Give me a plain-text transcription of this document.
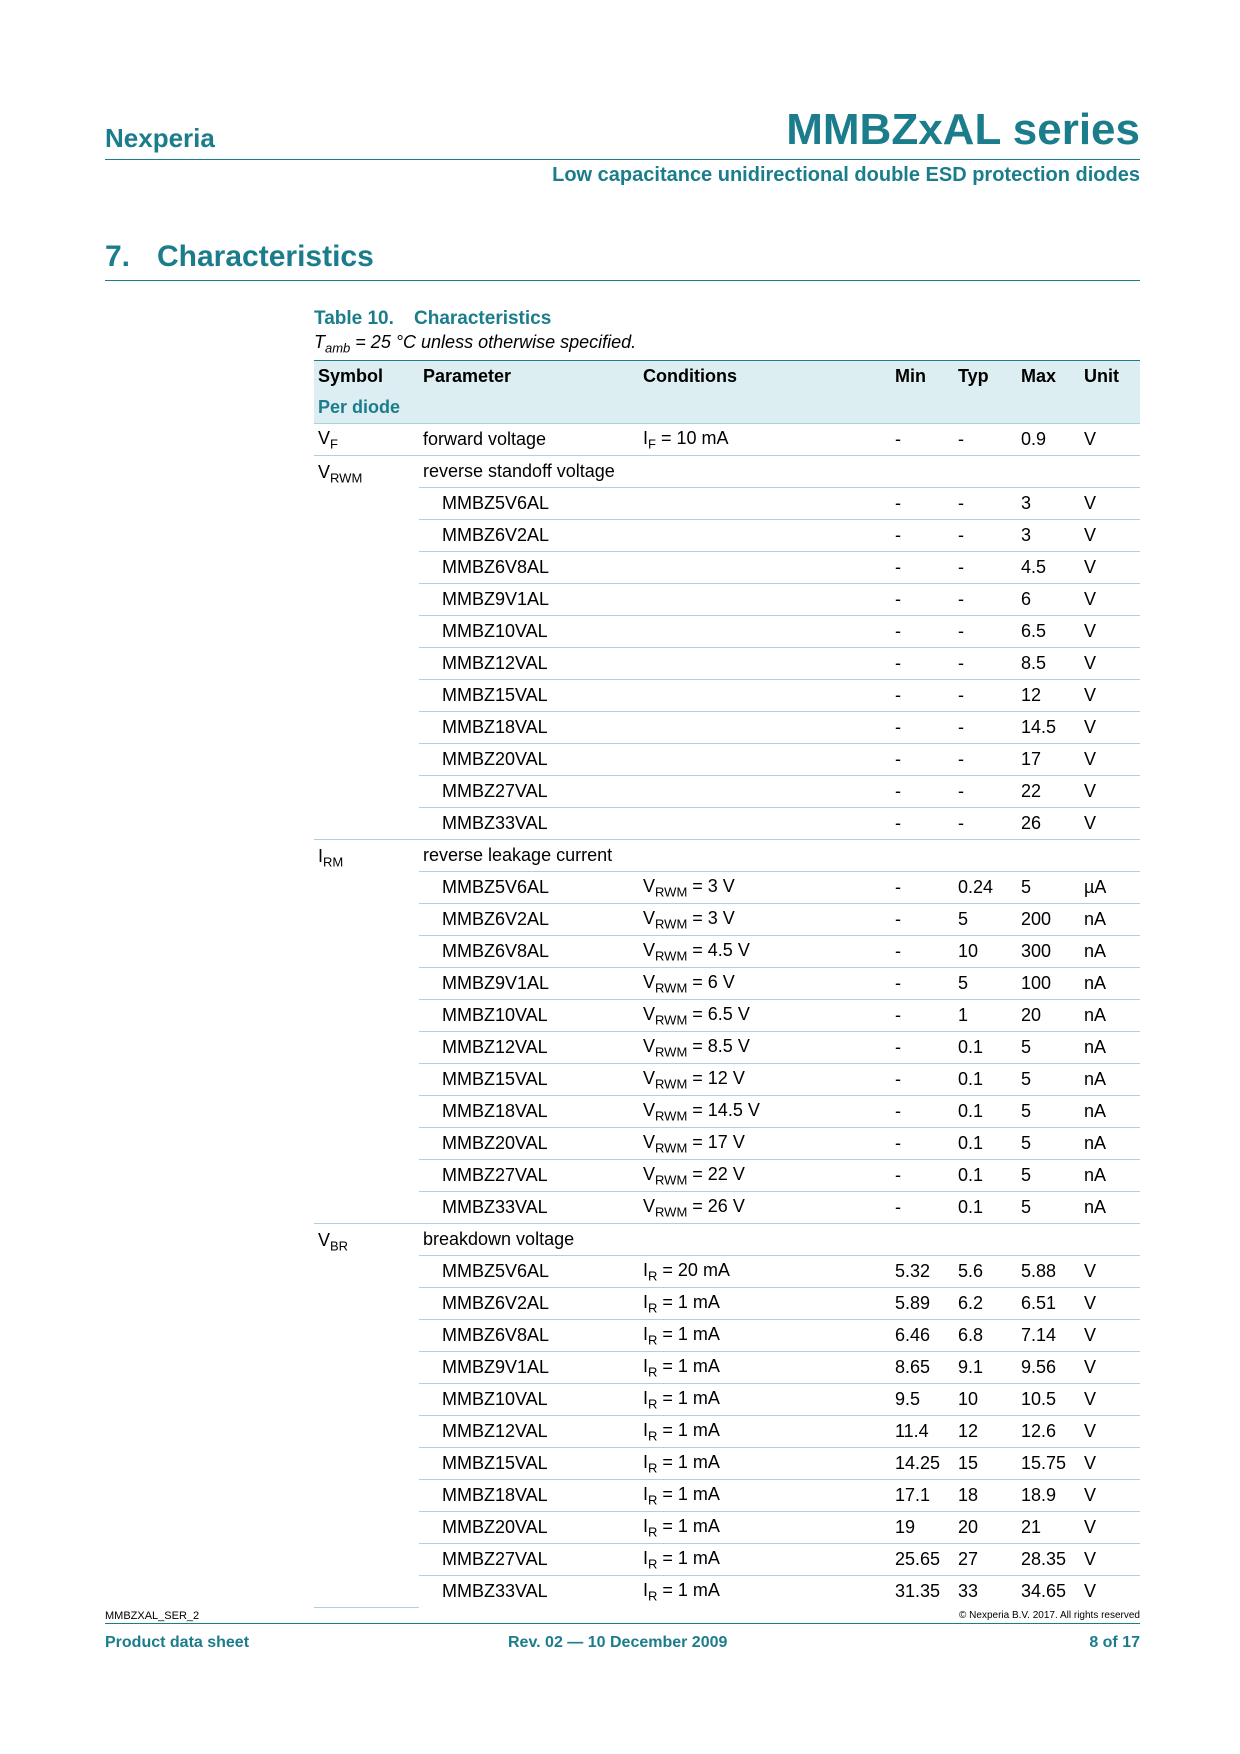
Nexperia	MMBZxAL series
Low capacitance unidirectional double ESD protection diodes
7. Characteristics
Table 10. Characteristics
$T_{amb} = 25$ °C unless otherwise specified.
Symbol	Parameter	Conditions	Min	Typ	Max	Unit
Per diode						
$V_F$	forward voltage	$I_F = 10$ mA	-	-	0.9	V
$V_{RWM}$	reverse standoff voltage					
	MMBZ5V6AL		-	-	3	V
	MMBZ6V2AL		-	-	3	V
	MMBZ6V8AL		-	-	4.5	V
	MMBZ9V1AL		-	-	6	V
	MMBZ10VAL		-	-	6.5	V
	MMBZ12VAL		-	-	8.5	V
	MMBZ15VAL		-	-	12	V
	MMBZ18VAL		-	-	14.5	V
	MMBZ20VAL		-	-	17	V
	MMBZ27VAL		-	-	22	V
	MMBZ33VAL		-	-	26	V
$I_{RM}$	reverse leakage current					
	MMBZ5V6AL	$V_{RWM} = 3$ V	-	0.24	5	µA
	MMBZ6V2AL	$V_{RWM} = 3$ V	-	5	200	nA
	MMBZ6V8AL	$V_{RWM} = 4.5$ V	-	10	300	nA
	MMBZ9V1AL	$V_{RWM} = 6$ V	-	5	100	nA
	MMBZ10VAL	$V_{RWM} = 6.5$ V	-	1	20	nA
	MMBZ12VAL	$V_{RWM} = 8.5$ V	-	0.1	5	nA
	MMBZ15VAL	$V_{RWM} = 12$ V	-	0.1	5	nA
	MMBZ18VAL	$V_{RWM} = 14.5$ V	-	0.1	5	nA
	MMBZ20VAL	$V_{RWM} = 17$ V	-	0.1	5	nA
	MMBZ27VAL	$V_{RWM} = 22$ V	-	0.1	5	nA
	MMBZ33VAL	$V_{RWM} = 26$ V	-	0.1	5	nA
$V_{BR}$	breakdown voltage					
	MMBZ5V6AL	$I_R = 20$ mA	5.32	5.6	5.88	V
	MMBZ6V2AL	$I_R = 1$ mA	5.89	6.2	6.51	V
	MMBZ6V8AL	$I_R = 1$ mA	6.46	6.8	7.14	V
	MMBZ9V1AL	$I_R = 1$ mA	8.65	9.1	9.56	V
	MMBZ10VAL	$I_R = 1$ mA	9.5	10	10.5	V
	MMBZ12VAL	$I_R = 1$ mA	11.4	12	12.6	V
	MMBZ15VAL	$I_R = 1$ mA	14.25	15	15.75	V
	MMBZ18VAL	$I_R = 1$ mA	17.1	18	18.9	V
	MMBZ20VAL	$I_R = 1$ mA	19	20	21	V
	MMBZ27VAL	$I_R = 1$ mA	25.65	27	28.35	V
	MMBZ33VAL	$I_R = 1$ mA	31.35	33	34.65	V
MMBZXAL_SER_2	© Nexperia B.V. 2017. All rights reserved
Product data sheet	Rev. 02 — 10 December 2009	8 of 17
